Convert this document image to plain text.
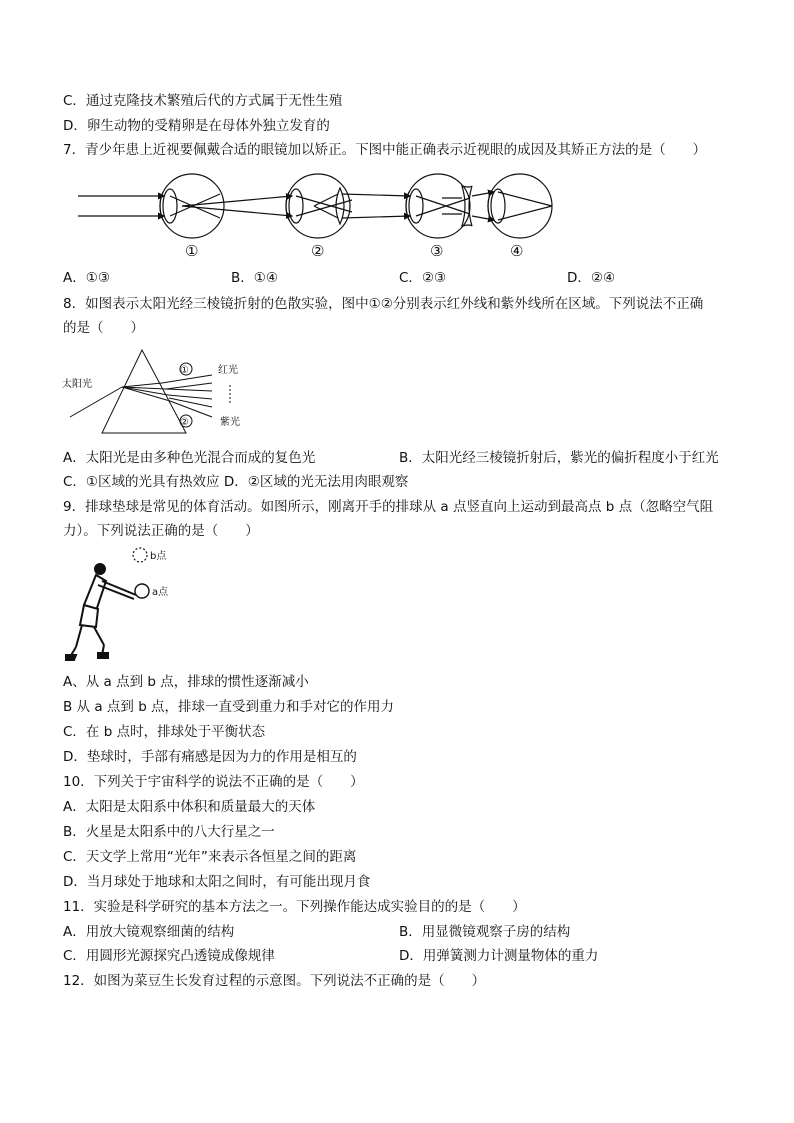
C．通过克隆技术繁殖后代的方式属于无性生殖
D．卵生动物的受精卵是在母体外独立发育的
7．青少年患上近视要佩戴合适的眼镜加以矫正。下图中能正确表示近视眼的成因及其矫正方法的是（　　）
①	②	③	④
A．①③	B．①④	C．②③	D．②④
8．如图表示太阳光经三棱镜折射的色散实验，图中①②分别表示红外线和紫外线所在区域。下列说法不正确
的是（　　）
①
②
太阳光
红光
紫光
A．太阳光是由多种色光混合而成的复色光	B．太阳光经三棱镜折射后，紫光的偏折程度小于红光
C．①区域的光具有热效应 D．②区域的光无法用肉眼观察
9．排球垫球是常见的体育活动。如图所示，刚离开手的排球从 a 点竖直向上运动到最高点 b 点（忽略空气阻
力）。下列说法正确的是（　　）
b点
a点
A、从 a 点到 b 点，排球的惯性逐渐减小
B 从 a 点到 b 点，排球一直受到重力和手对它的作用力
C．在 b 点时，排球处于平衡状态
D．垫球时，手部有痛感是因为力的作用是相互的
10．下列关于宇宙科学的说法不正确的是（　　）
A．太阳是太阳系中体积和质量最大的天体
B．火星是太阳系中的八大行星之一
C．天文学上常用“光年”来表示各恒星之间的距离
D．当月球处于地球和太阳之间时，有可能出现月食
11．实验是科学研究的基本方法之一。下列操作能达成实验目的的是（　　）
A．用放大镜观察细菌的结构	B．用显微镜观察子房的结构
C．用圆形光源探究凸透镜成像规律	D．用弹簧测力计测量物体的重力
12．如图为菜豆生长发育过程的示意图。下列说法不正确的是（　　）
